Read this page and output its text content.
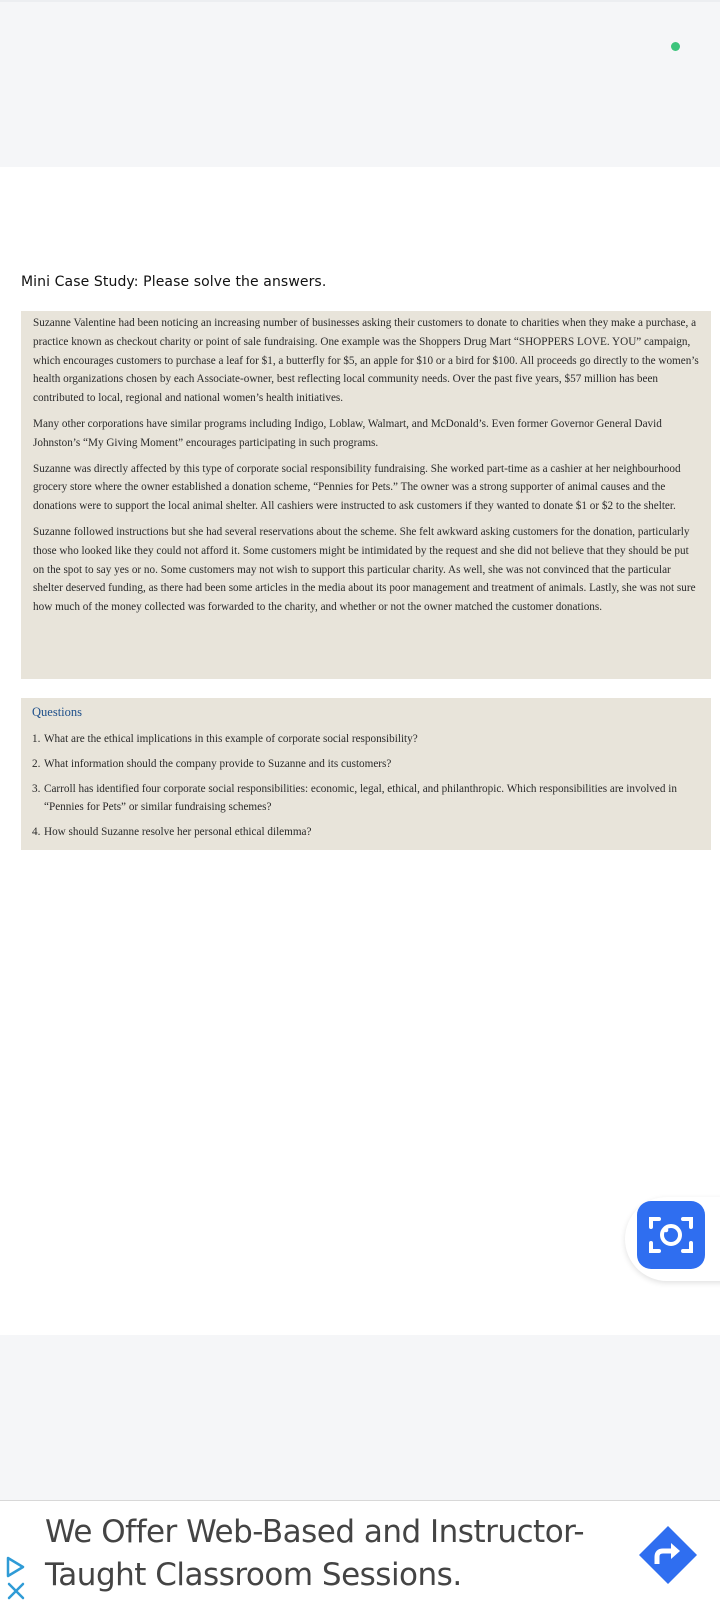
Mini Case Study: Please solve the answers.

Suzanne Valentine had been noticing an increasing number of businesses asking their customers to donate to charities when they make a purchase, a practice known as checkout charity or point of sale fundraising. One example was the Shoppers Drug Mart “SHOPPERS LOVE. YOU” campaign, which encourages customers to purchase a leaf for $1, a butterfly for $5, an apple for $10 or a bird for $100. All proceeds go directly to the women’s health organizations chosen by each Associate-owner, best reflecting local community needs. Over the past five years, $57 million has been contributed to local, regional and national women’s health initiatives.

Many other corporations have similar programs including Indigo, Loblaw, Walmart, and McDonald’s. Even former Governor General David Johnston’s “My Giving Moment” encourages participating in such programs.

Suzanne was directly affected by this type of corporate social responsibility fundraising. She worked part-time as a cashier at her neighbourhood grocery store where the owner established a donation scheme, “Pennies for Pets.” The owner was a strong supporter of animal causes and the donations were to support the local animal shelter. All cashiers were instructed to ask customers if they wanted to donate $1 or $2 to the shelter.

Suzanne followed instructions but she had several reservations about the scheme. She felt awkward asking customers for the donation, particularly those who looked like they could not afford it. Some customers might be intimidated by the request and she did not believe that they should be put on the spot to say yes or no. Some customers may not wish to support this particular charity. As well, she was not convinced that the particular shelter deserved funding, as there had been some articles in the media about its poor management and treatment of animals. Lastly, she was not sure how much of the money collected was forwarded to the charity, and whether or not the owner matched the customer donations.

Questions
1. What are the ethical implications in this example of corporate social responsibility?
2. What information should the company provide to Suzanne and its customers?
3. Carroll has identified four corporate social responsibilities: economic, legal, ethical, and philanthropic. Which responsibilities are involved in “Pennies for Pets” or similar fundraising schemes?
4. How should Suzanne resolve her personal ethical dilemma?
We Offer Web-Based and Instructor-Taught Classroom Sessions.
